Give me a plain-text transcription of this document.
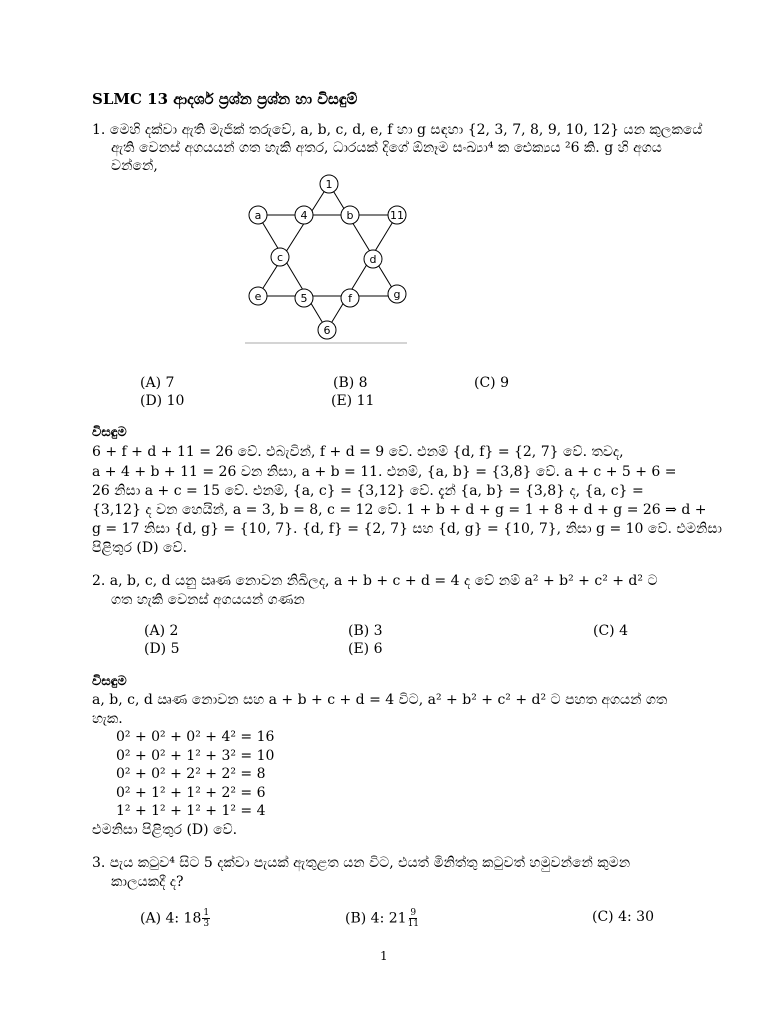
SLMC 13 ආදර්ශ ප්‍රශ්න ප්‍රශ්න හා විසඳුම්
1. මෙහි දක්වා ඇති මැජික් තරුවේ, a, b, c, d, e, f හා g සඳහා {2, 3, 7, 8, 9, 10, 12} යන කුලකයේ
ඇති වෙනස් අගයයන් ගත හැකි අතර, ධාරයක් දිගේ ඕනෑම සංඛ්‍යා⁴ ක ඓක්‍යය ²6 කි. g හි අගය
වන්නේ,
1
a	4	b	11
c	d
e	5	f	g
6
(A) 7	(B) 8	(C) 9
(D) 10	(E) 11
විසඳුම
6 + f + d + 11 = 26 වේ. එබැවින්, f + d = 9 වේ. එනම් {d, f} = {2, 7} වේ. තවද,
a + 4 + b + 11 = 26 වන නිසා, a + b = 11. එනම්, {a, b} = {3,8} වේ. a + c + 5 + 6 =
26 නිසා a + c = 15 වේ. එනම්, {a, c} = {3,12} වේ. දැන් {a, b} = {3,8} ද, {a, c} =
{3,12} ද වන හෙයින්, a = 3, b = 8, c = 12 වේ. 1 + b + d + g = 1 + 8 + d + g = 26 ⇒ d +
g = 17 නිසා {d, g} = {10, 7}. {d, f} = {2, 7} සහ {d, g} = {10, 7}, නිසා g = 10 වේ. එමනිසා
පිළිතුර (D) වේ.
2. a, b, c, d යනු ඍණ නොවන නිඛිලද, a + b + c + d = 4 ද වේ නම් a² + b² + c² + d² ට
ගත හැකි වෙනස් අගයයන් ගණන
(A) 2	(B) 3	(C) 4
(D) 5	(E) 6
විසඳුම
a, b, c, d ඍණ නොවන සහ a + b + c + d = 4 විට, a² + b² + c² + d² ට පහත අගයන් ගත
හැක.
0² + 0² + 0² + 4² = 16
0² + 0² + 1² + 3² = 10
0² + 0² + 2² + 2² = 8
0² + 1² + 1² + 2² = 6
1² + 1² + 1² + 1² = 4
එමනිසා පිළිතුර (D) වේ.
3. පැය කටුව⁴ සිට 5 දක්වා පැයක් ඇතුළත යන විට, එයත් මිනිත්තු කටුවත් හමුවන්නේ කුමන
කාලයකදී ද?
(A) 4: $18 \frac{1}{3}$	(B) 4: $21 \frac{9}{11}$	(C) 4: 30
1
